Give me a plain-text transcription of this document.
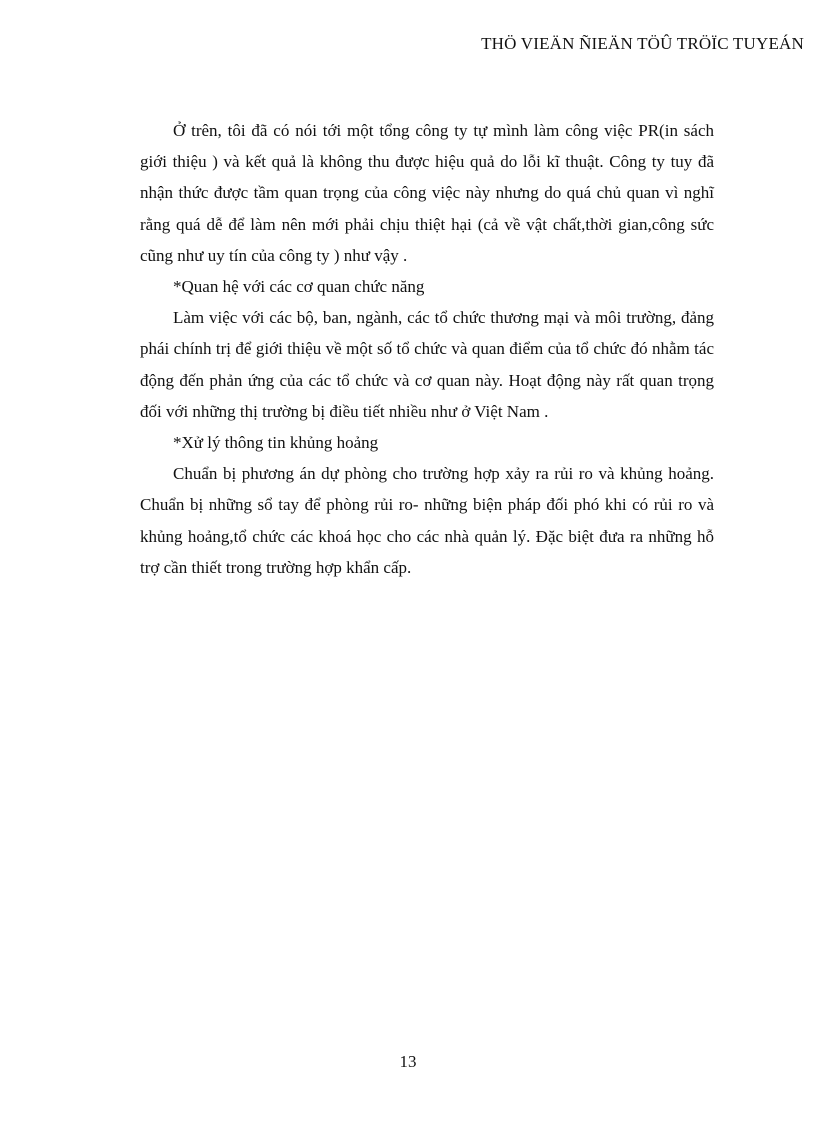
THÖ VIEÄN ÑIEÄN TÖÛ TRÖÏC TUYEÁN

Ở trên, tôi đã có nói tới một tổng công ty tự mình làm công việc PR(in sách giới thiệu ) và kết quả là không thu được hiệu quả do lỗi kĩ thuật. Công ty tuy đã nhận thức được tầm quan trọng của công việc này nhưng do quá chủ quan vì nghĩ rằng quá dễ để làm nên mới phải chịu thiệt hại (cả về vật chất,thời gian,công sức cũng như uy tín của công ty ) như vậy .

*Quan hệ với các cơ quan chức năng

Làm việc với các bộ, ban, ngành, các tổ chức thương mại và môi trường, đảng phái chính trị để giới thiệu về một số tổ chức và quan điểm của tổ chức đó nhằm tác động đến phản ứng của các tổ chức và cơ quan này. Hoạt động này rất quan trọng đối với những thị trường bị điều tiết nhiều như ở Việt Nam .

*Xử lý thông tin khủng hoảng

Chuẩn bị phương án dự phòng cho trường hợp xảy ra rủi ro và khủng hoảng. Chuẩn bị những sổ tay để phòng rủi ro- những biện pháp đối phó khi có rủi ro và khủng hoảng,tổ chức các khoá học cho các nhà quản lý. Đặc biệt đưa ra những hỗ trợ cần thiết trong trường hợp khẩn cấp.

13
